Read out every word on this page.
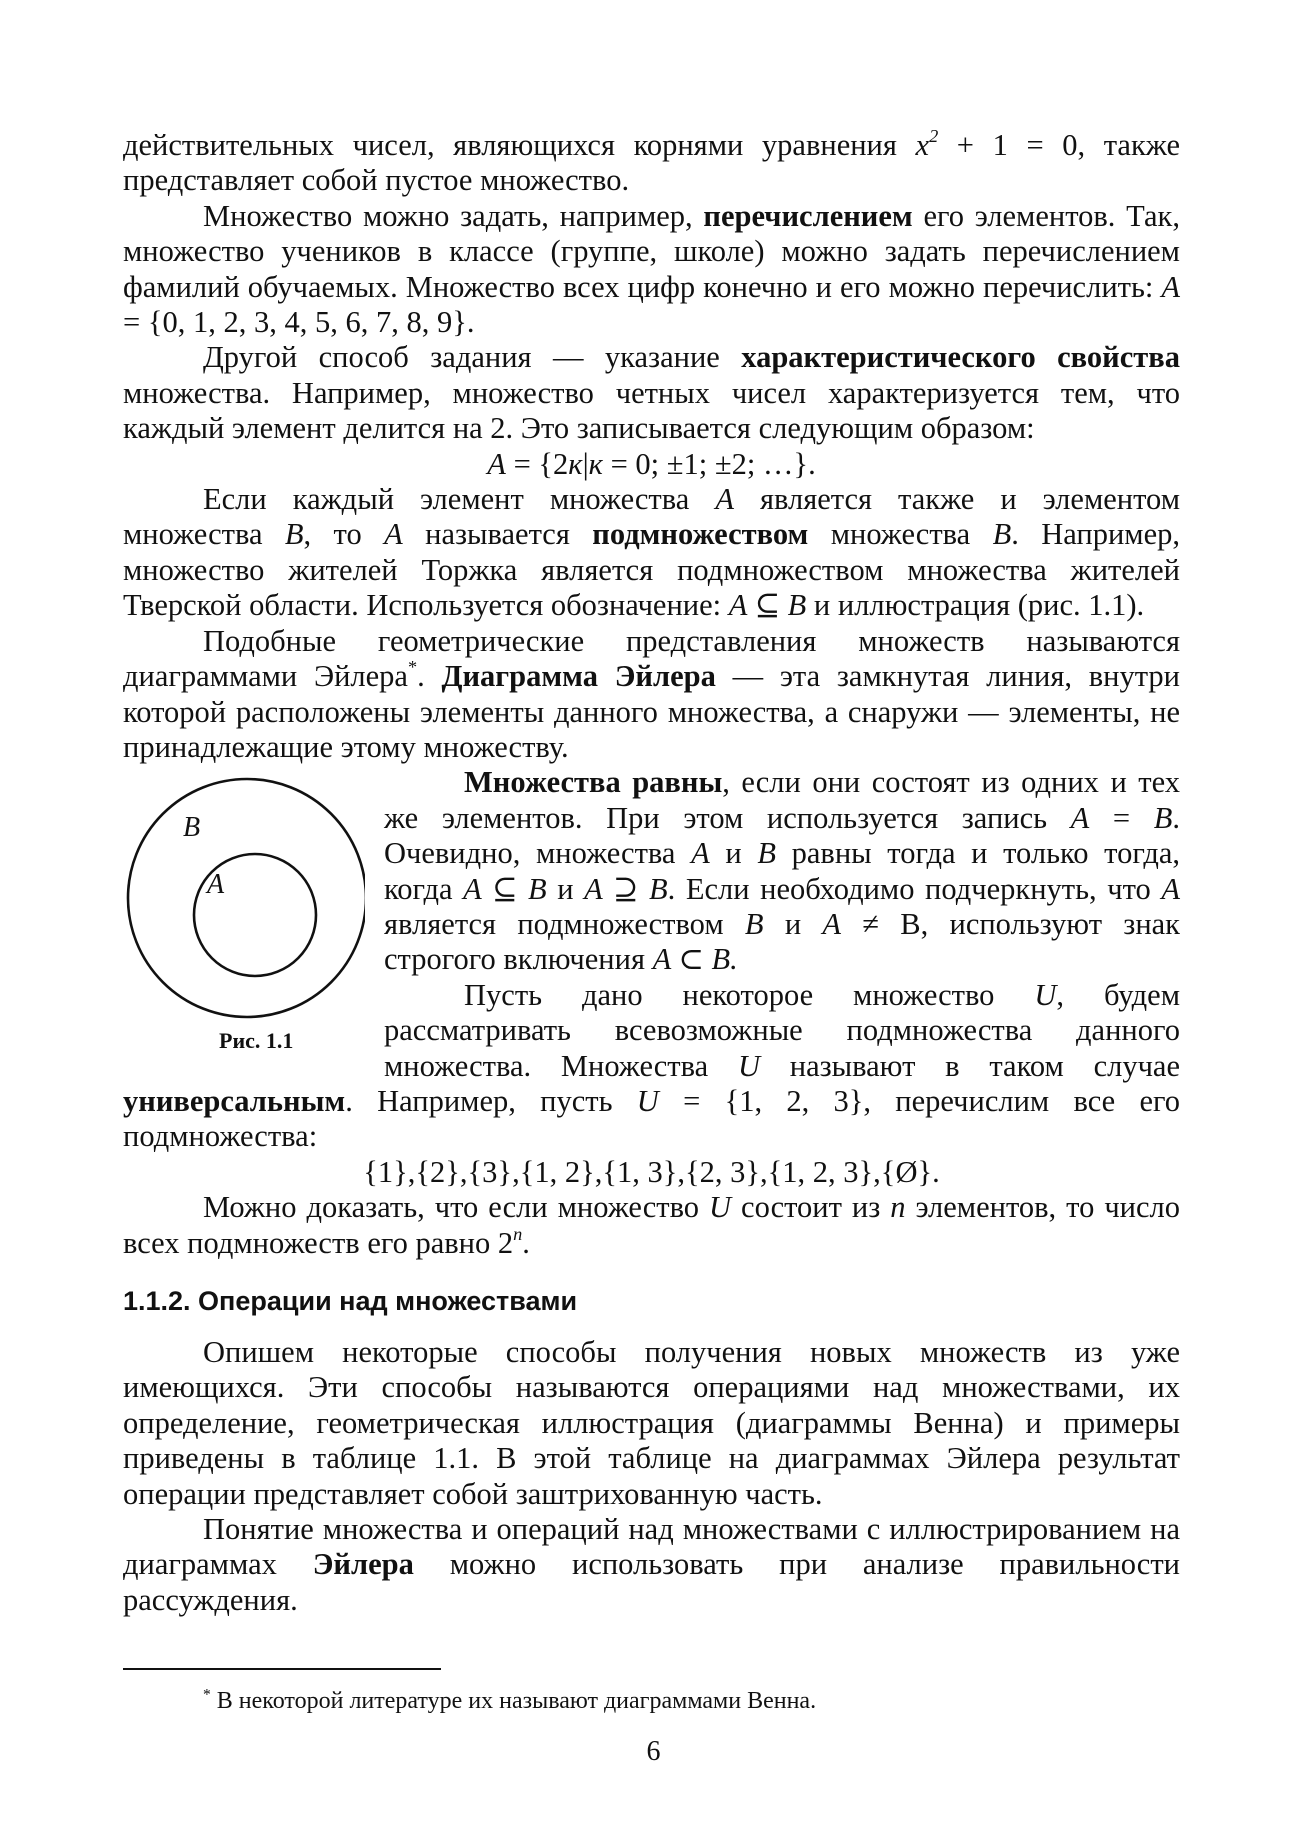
действительных чисел, являющихся корнями уравнения $x^2 + 1 = 0$, также представляет собой пустое множество.

Множество можно задать, например, перечислением его элементов. Так, множество учеников в классе (группе, школе) можно задать перечислением фамилий обучаемых. Множество всех цифр конечно и его можно перечислить: A = {0, 1, 2, 3, 4, 5, 6, 7, 8, 9}.

Другой способ задания — указание характеристического свойства множества. Например, множество четных чисел характеризуется тем, что каждый элемент делится на 2. Это записывается следующим образом:

A = {2к|к = 0; ±1; ±2; …}.

Если каждый элемент множества A является также и элементом множества B, то A называется подмножеством множества B. Например, множество жителей Торжка является подмножеством множества жителей Тверской области. Используется обозначение: A ⊆ B и иллюстрация (рис. 1.1).

Подобные геометрические представления множеств называются диаграммами Эйлера*. Диаграмма Эйлера — эта замкнутая линия, внутри которой расположены элементы данного множества, а снаружи — элементы, не принадлежащие этому множеству.

B
A
Рис. 1.1

Множества равны, если они состоят из одних и тех же элементов. При этом используется запись A = B. Очевидно, множества A и B равны тогда и только тогда, когда A ⊆ B и A ⊇ B. Если необходимо подчеркнуть, что A является подмножеством B и A ≠ B, используют знак строгого включения A ⊂ B.

Пусть дано некоторое множество U, будем рассматривать всевозможные подмножества данного множества. Множества U называют в таком случае универсальным. Например, пусть U = {1, 2, 3}, перечислим все его подмножества:

{1},{2},{3},{1, 2},{1, 3},{2, 3},{1, 2, 3},{Ø}.

Можно доказать, что если множество U состоит из n элементов, то число всех подмножеств его равно 2$^n$.

1.1.2. Операции над множествами

Опишем некоторые способы получения новых множеств из уже имеющихся. Эти способы называются операциями над множествами, их определение, геометрическая иллюстрация (диаграммы Венна) и примеры приведены в таблице 1.1. В этой таблице на диаграммах Эйлера результат операции представляет собой заштрихованную часть.

Понятие множества и операций над множествами с иллюстрированием на диаграммах Эйлера можно использовать при анализе правильности рассуждения.

* В некоторой литературе их называют диаграммами Венна.
6
